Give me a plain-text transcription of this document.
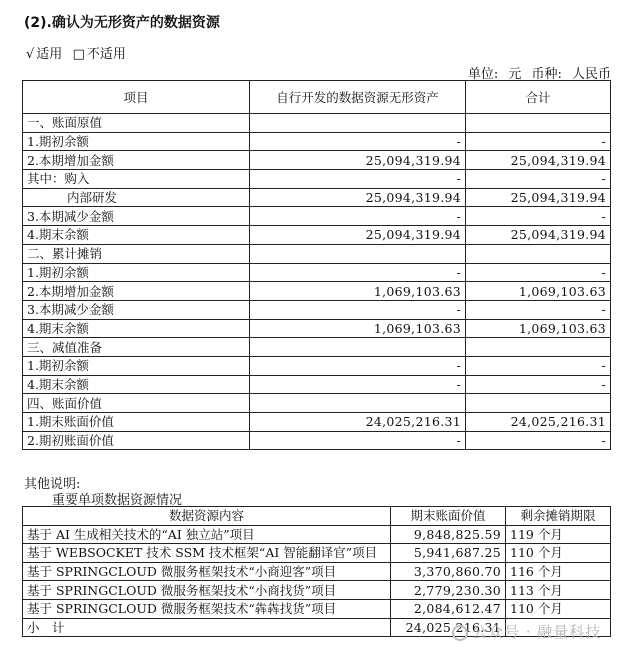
(2).确认为无形资产的数据资源
√ 适用 □ 不适用
单位: 元 币种: 人民币
项目	自行开发的数据资源无形资产	合计
一、账面原值		
1.期初余额	-	-
2.本期增加金额	25,094,319.94	25,094,319.94
其中：购入	-	-
内部研发	25,094,319.94	25,094,319.94
3.本期减少金额	-	-
4.期末余额	25,094,319.94	25,094,319.94
二、累计摊销		
1.期初余额	-	-
2.本期增加金额	1,069,103.63	1,069,103.63
3.本期减少金额	-	-
4.期末余额	1,069,103.63	1,069,103.63
三、减值准备		
1.期初余额	-	-
4.期末余额	-	-
四、账面价值		
1.期末账面价值	24,025,216.31	24,025,216.31
2.期初账面价值	-	-
其他说明:
重要单项数据资源情况
数据资源内容	期末账面价值	剩余摊销期限
基于 AI 生成相关技术的“AI 独立站”项目	9,848,825.59	119 个月
基于 WEBSOCKET 技术 SSM 技术框架“AI 智能翻译官”项目	5,941,687.25	110 个月
基于 SPRINGCLOUD 微服务框架技术“小商迎客”项目	3,370,860.70	116 个月
基于 SPRINGCLOUD 微服务框架技术“小商找货”项目	2,779,230.30	113 个月
基于 SPRINGCLOUD 微服务框架技术“犇犇找货”项目	2,084,612.47	110 个月
小　计	24,025,216.31	
公众号 · 融量科技
